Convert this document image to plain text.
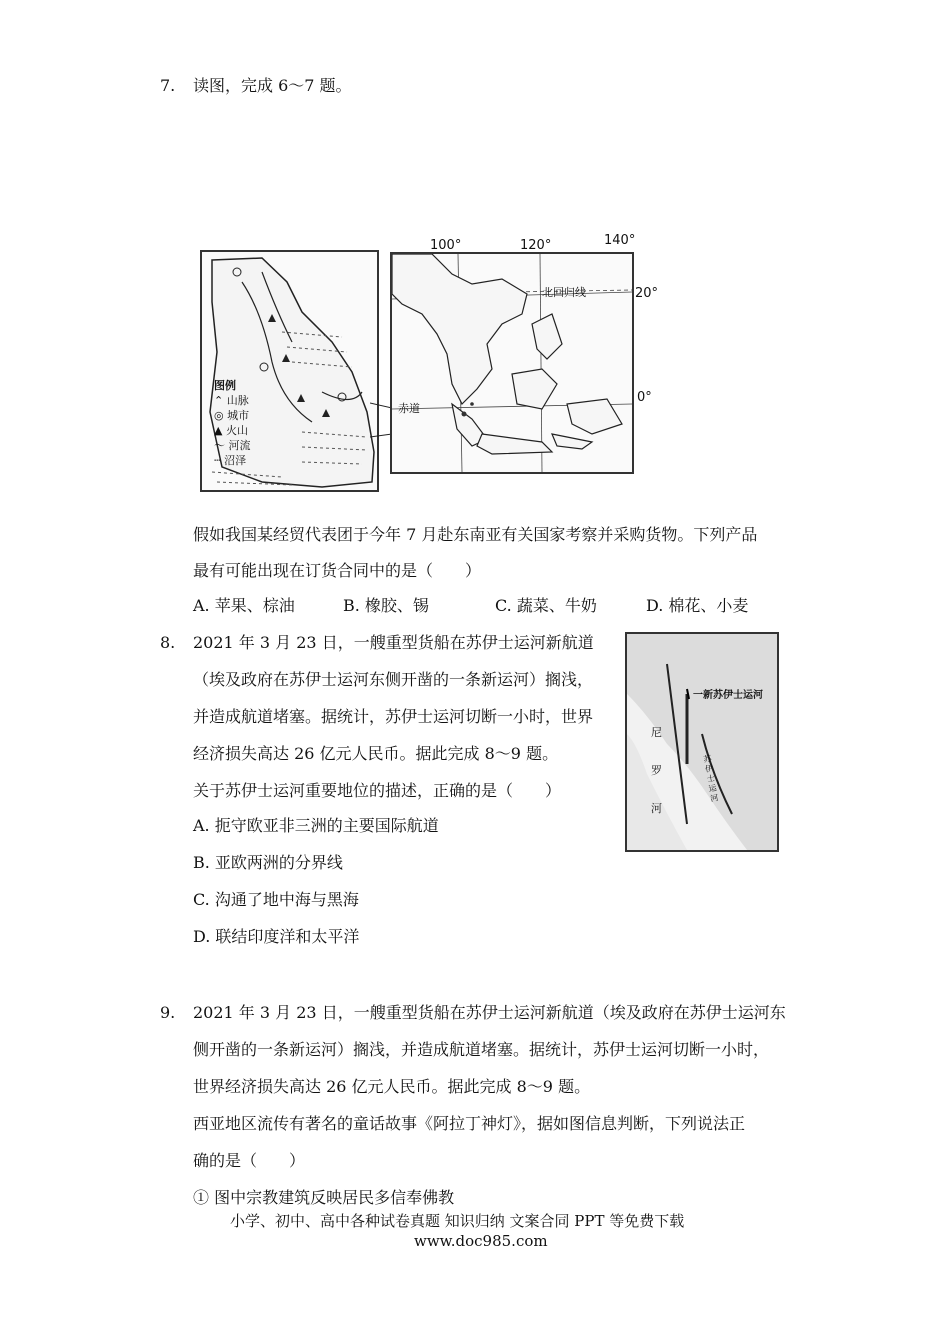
7. 读图，完成 6～7 题。
图例
⌃ 山脉
◎ 城市
▲ 火山
〜 河流
┄ 沼泽
北回归线
100°	120°	140°
20°
0°
赤道
假如我国某经贸代表团于今年 7 月赴东南亚有关国家考察并采购货物。下列产品
最有可能出现在订货合同中的是（　　）
A. 苹果、棕油	B. 橡胶、锡	C. 蔬菜、牛奶	D. 棉花、小麦
8. 2021 年 3 月 23 日，一艘重型货船在苏伊士运河新航道
（埃及政府在苏伊士运河东侧开凿的一条新运河）搁浅，
并造成航道堵塞。据统计，苏伊士运河切断一小时，世界
经济损失高达 26 亿元人民币。据此完成 8～9 题。
关于苏伊士运河重要地位的描述，正确的是（　　）
A. 扼守欧亚非三洲的主要国际航道
B. 亚欧两洲的分界线
C. 沟通了地中海与黑海
D. 联结印度洋和太平洋
一新苏伊士运河
尼罗河
苏伊士运河
9. 2021 年 3 月 23 日，一艘重型货船在苏伊士运河新航道（埃及政府在苏伊士运河东
侧开凿的一条新运河）搁浅，并造成航道堵塞。据统计，苏伊士运河切断一小时，
世界经济损失高达 26 亿元人民币。据此完成 8～9 题。
西亚地区流传有著名的童话故事《阿拉丁神灯》，据如图信息判断，下列说法正
确的是（　　）
① 图中宗教建筑反映居民多信奉佛教
小学、初中、高中各种试卷真题 知识归纳 文案合同 PPT 等免费下载
www.doc985.com
